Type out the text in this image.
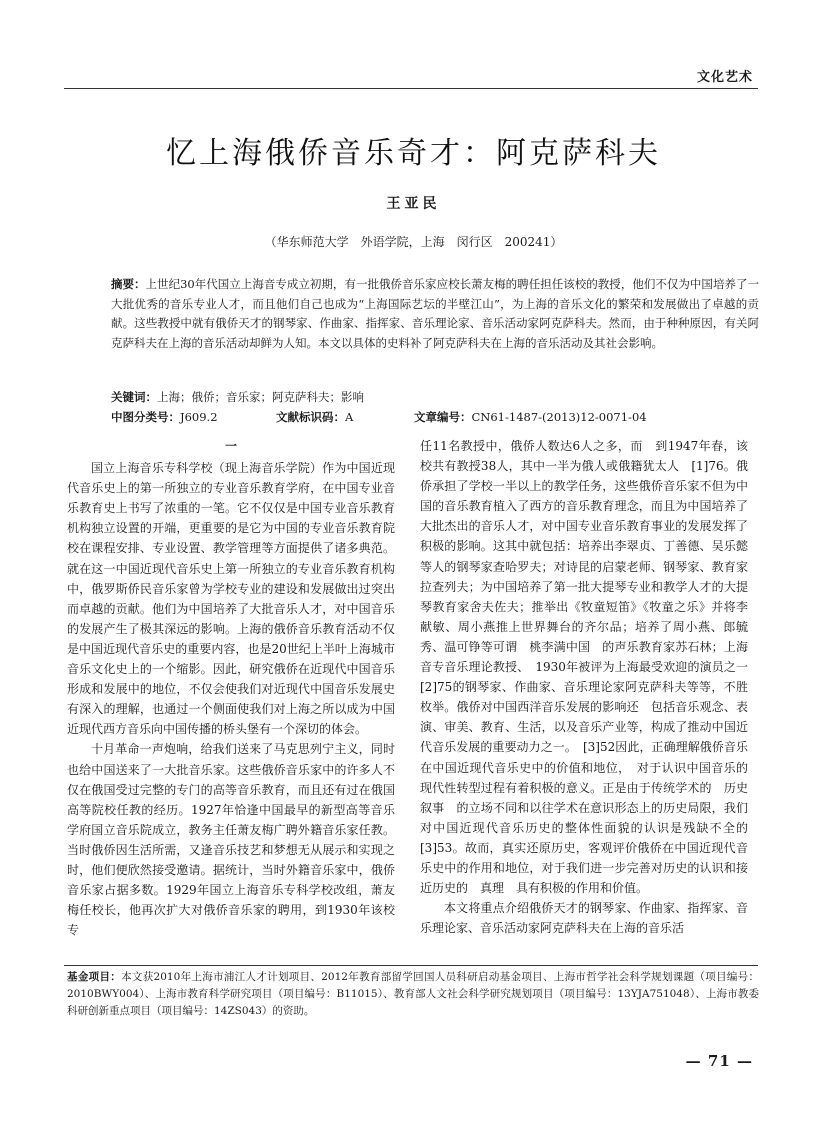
文化艺术
忆上海俄侨音乐奇才：阿克萨科夫
王亚民
（华东师范大学　外语学院，上海　闵行区　200241）
摘要：上世纪30年代国立上海音专成立初期，有一批俄侨音乐家应校长萧友梅的聘任担任该校的教授，他们不仅为中国培养了一大批优秀的音乐专业人才，而且他们自己也成为“上海国际艺坛的半壁江山”，为上海的音乐文化的繁荣和发展做出了卓越的贡献。这些教授中就有俄侨天才的钢琴家、作曲家、指挥家、音乐理论家、音乐活动家阿克萨科夫。然而，由于种种原因，有关阿克萨科夫在上海的音乐活动却鲜为人知。本文以具体的史料补了阿克萨科夫在上海的音乐活动及其社会影响。
关键词：上海；俄侨；音乐家；阿克萨科夫；影响
中图分类号：J609.2	文献标识码：A	文章编号：CN61-1487-(2013)12-0071-04

一

国立上海音乐专科学校（现上海音乐学院）作为中国近现代音乐史上的第一所独立的专业音乐教育学府，在中国专业音乐教育史上书写了浓重的一笔。它不仅仅是中国专业音乐教育机构独立设置的开端，更重要的是它为中国的专业音乐教育院校在课程安排、专业设置、教学管理等方面提供了诸多典范。就在这一中国近现代音乐史上第一所独立的专业音乐教育机构中，俄罗斯侨民音乐家曾为学校专业的建设和发展做出过突出而卓越的贡献。他们为中国培养了大批音乐人才，对中国音乐的发展产生了极其深远的影响。上海的俄侨音乐教育活动不仅是中国近现代音乐史的重要内容，也是20世纪上半叶上海城市音乐文化史上的一个缩影。因此，研究俄侨在近现代中国音乐形成和发展中的地位，不仅会使我们对近现代中国音乐发展史有深入的理解，也通过一个侧面使我们对上海之所以成为中国近现代西方音乐向中国传播的桥头堡有一个深切的体会。

十月革命一声炮响，给我们送来了马克思列宁主义，同时也给中国送来了一大批音乐家。这些俄侨音乐家中的许多人不仅在俄国受过完整的专门的高等音乐教育，而且还有过在俄国高等院校任教的经历。1927年恰逢中国最早的新型高等音乐学府国立音乐院成立，教务主任萧友梅广聘外籍音乐家任教。当时俄侨因生活所需，又逢音乐技艺和梦想无从展示和实现之时，他们便欣然接受邀请。据统计，当时外籍音乐家中，俄侨音乐家占据多数。1929年国立上海音乐专科学校改组，萧友梅任校长，他再次扩大对俄侨音乐家的聘用，到1930年该校专

任11名教授中，俄侨人数达6人之多，而　到1947年春，该校共有教授38人，其中一半为俄人或俄籍犹太人　[1]76。俄侨承担了学校一半以上的教学任务，这些俄侨音乐家不但为中国的音乐教育植入了西方的音乐教育理念，而且为中国培养了大批杰出的音乐人才，对中国专业音乐教育事业的发展发挥了积极的影响。这其中就包括：培养出李翠贞、丁善德、吴乐懿等人的钢琴家查哈罗夫；对诗昆的启蒙老师、钢琴家、教育家拉查列夫；为中国培养了第一批大提琴专业和教学人才的大提琴教育家舍夫佐夫；推举出《牧童短笛》《牧童之乐》并将李献敏、周小燕推上世界舞台的齐尔品；培养了周小燕、郎毓秀、温可铮等可谓　桃李满中国　的声乐教育家苏石林；上海音专音乐理论教授、　1930年被评为上海最受欢迎的演员之一　[2]75的钢琴家、作曲家、音乐理论家阿克萨科夫等等，不胜枚举。俄侨对中国西洋音乐发展的影响还　包括音乐观念、表演、审美、教育、生活，以及音乐产业等，构成了推动中国近代音乐发展的重要动力之一。　[3]52因此，正确理解俄侨音乐在中国近现代音乐史中的价值和地位，　对于认识中国音乐的现代性转型过程有着积极的意义。正是由于传统学术的　历史叙事　的立场不同和以往学术在意识形态上的历史局限，我们对中国近现代音乐历史的整体性面貌的认识是残缺不全的　[3]53。故而，真实还原历史，客观评价俄侨在中国近现代音乐史中的作用和地位，对于我们进一步完善对历史的认识和接近历史的　真理　具有积极的作用和价值。

本文将重点介绍俄侨天才的钢琴家、作曲家、指挥家、音乐理论家、音乐活动家阿克萨科夫在上海的音乐活

基金项目：本文获2010年上海市浦江人才计划项目、2012年教育部留学回国人员科研启动基金项目、上海市哲学社会科学规划课题（项目编号：2010BWY004）、上海市教育科学研究项目（项目编号：B11015）、教育部人文社会科学研究规划项目（项目编号：13YJA751048）、上海市教委科研创新重点项目（项目编号：14ZS043）的资助。
— 71 —
